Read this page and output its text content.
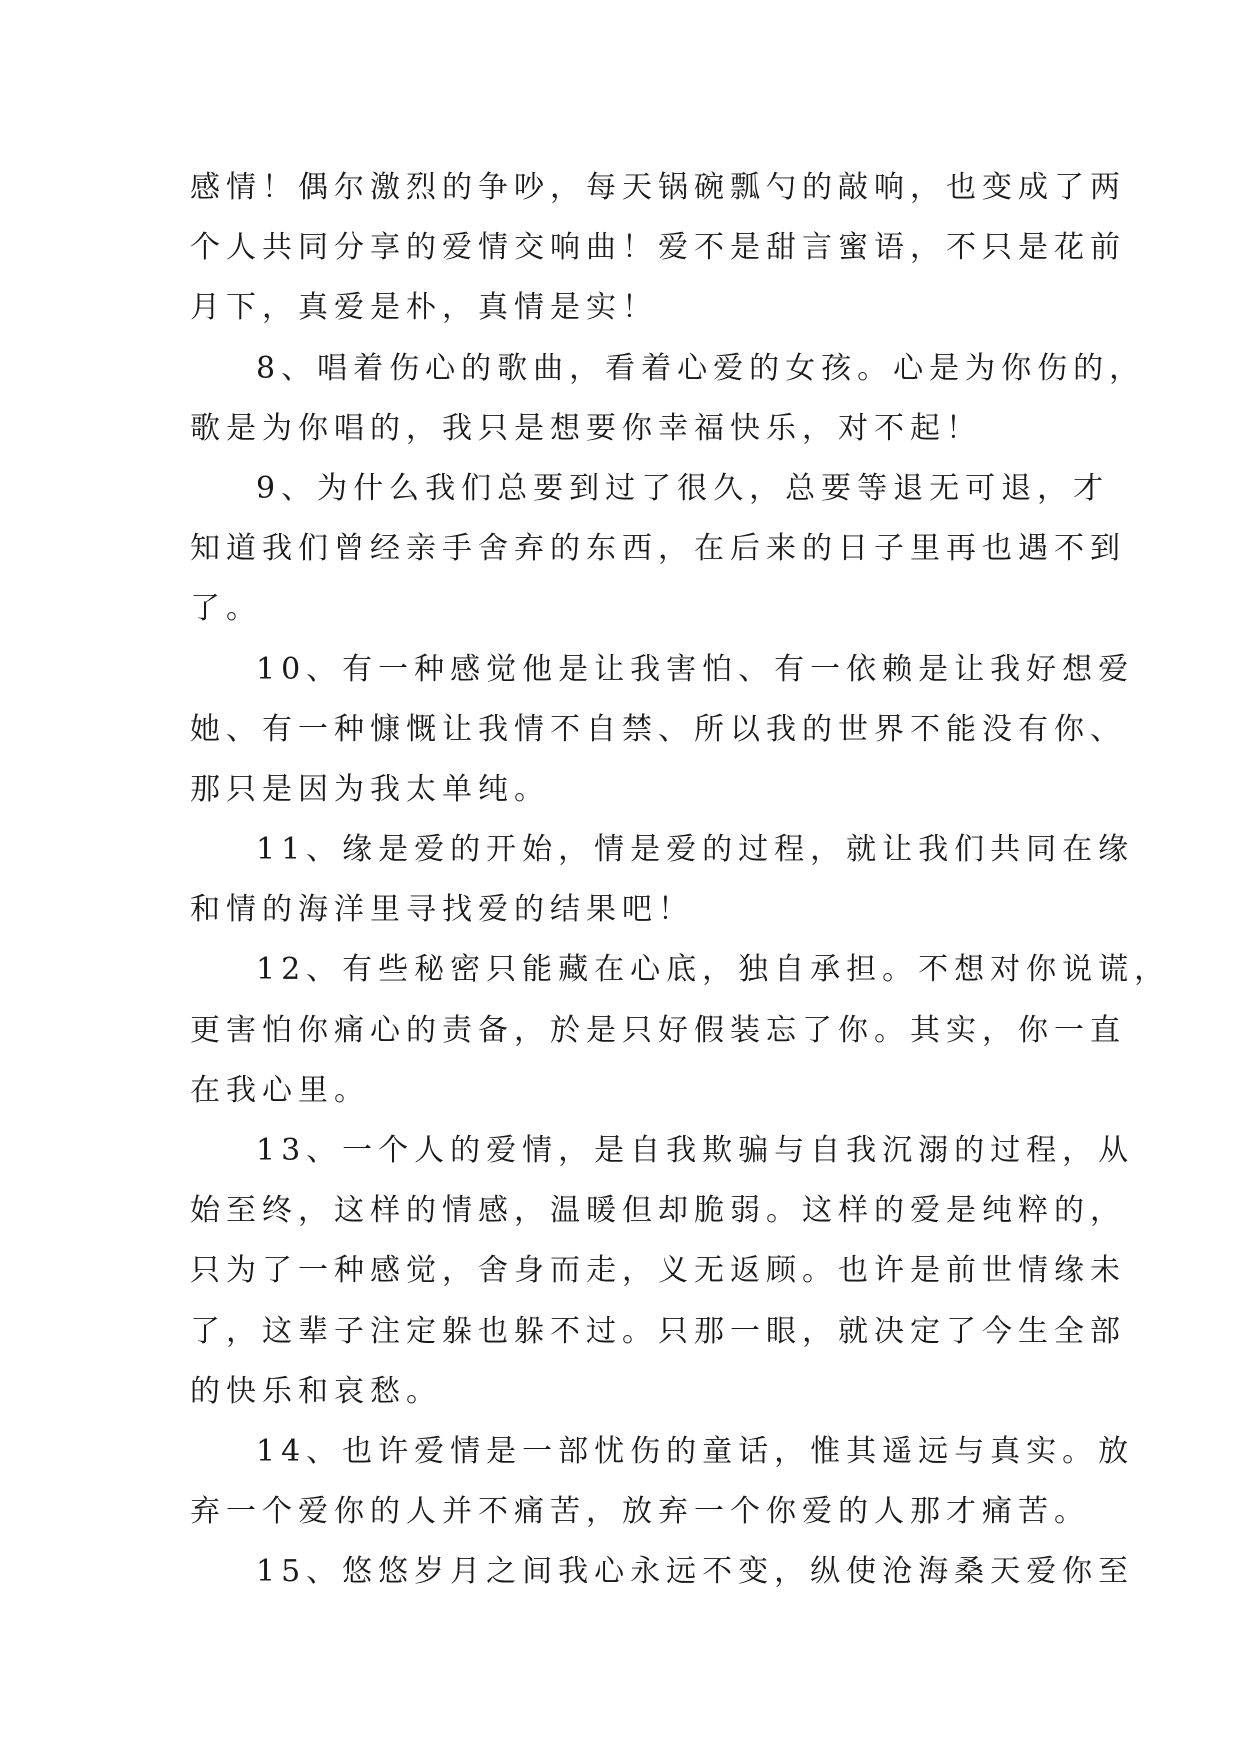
感情！偶尔激烈的争吵，每天锅碗瓢勺的敲响，也变成了两
个人共同分享的爱情交响曲！爱不是甜言蜜语，不只是花前
月下，真爱是朴，真情是实！

8、唱着伤心的歌曲，看着心爱的女孩。心是为你伤的，
歌是为你唱的，我只是想要你幸福快乐，对不起！

9、为什么我们总要到过了很久，总要等退无可退，才
知道我们曾经亲手舍弃的东西，在后来的日子里再也遇不到
了。

10、有一种感觉他是让我害怕、有一依赖是让我好想爱
她、有一种慷慨让我情不自禁、所以我的世界不能没有你、
那只是因为我太单纯。

11、缘是爱的开始，情是爱的过程，就让我们共同在缘
和情的海洋里寻找爱的结果吧！

12、有些秘密只能藏在心底，独自承担。不想对你说谎，
更害怕你痛心的责备，於是只好假装忘了你。其实，你一直
在我心里。

13、一个人的爱情，是自我欺骗与自我沉溺的过程，从
始至终，这样的情感，温暖但却脆弱。这样的爱是纯粹的，
只为了一种感觉，舍身而走，义无返顾。也许是前世情缘未
了，这辈子注定躲也躲不过。只那一眼，就决定了今生全部
的快乐和哀愁。

14、也许爱情是一部忧伤的童话，惟其遥远与真实。放
弃一个爱你的人并不痛苦，放弃一个你爱的人那才痛苦。

15、悠悠岁月之间我心永远不变，纵使沧海桑天爱你至
